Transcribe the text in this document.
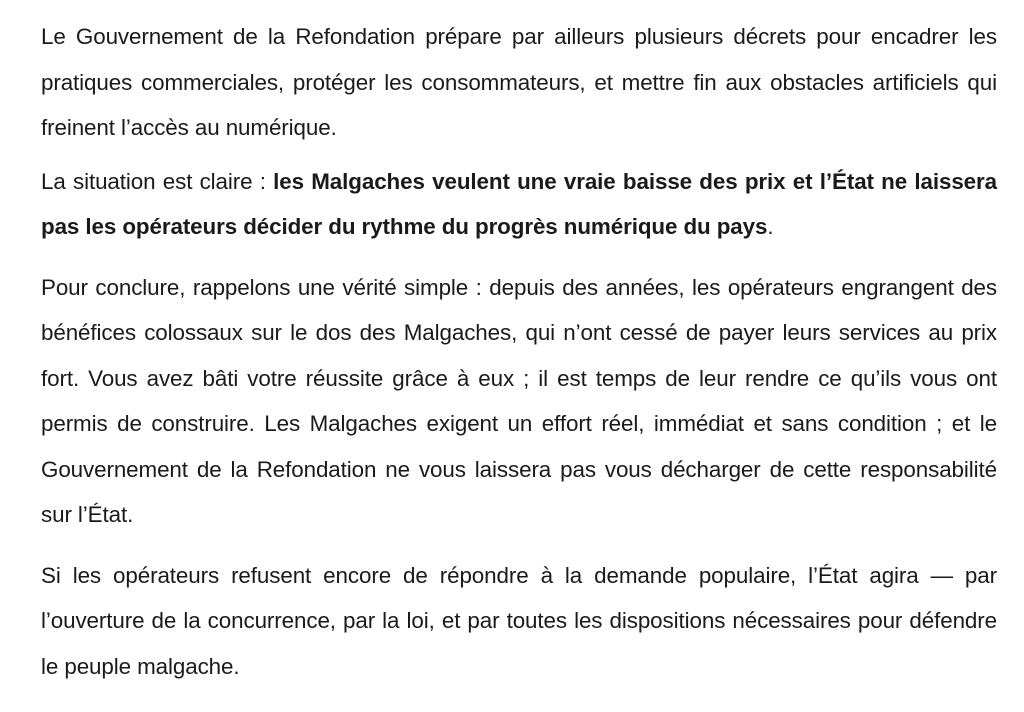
Le Gouvernement de la Refondation prépare par ailleurs plusieurs décrets pour encadrer les pratiques commerciales, protéger les consommateurs, et mettre fin aux obstacles artificiels qui freinent l’accès au numérique.

La situation est claire : les Malgaches veulent une vraie baisse des prix et l’État ne laissera pas les opérateurs décider du rythme du progrès numérique du pays.

Pour conclure, rappelons une vérité simple : depuis des années, les opérateurs engrangent des bénéfices colossaux sur le dos des Malgaches, qui n’ont cessé de payer leurs services au prix fort. Vous avez bâti votre réussite grâce à eux ; il est temps de leur rendre ce qu’ils vous ont permis de construire. Les Malgaches exigent un effort réel, immédiat et sans condition ; et le Gouvernement de la Refondation ne vous laissera pas vous décharger de cette responsabilité sur l’État.

Si les opérateurs refusent encore de répondre à la demande populaire, l’État agira — par l’ouverture de la concurrence, par la loi, et par toutes les dispositions nécessaires pour défendre le peuple malgache.
